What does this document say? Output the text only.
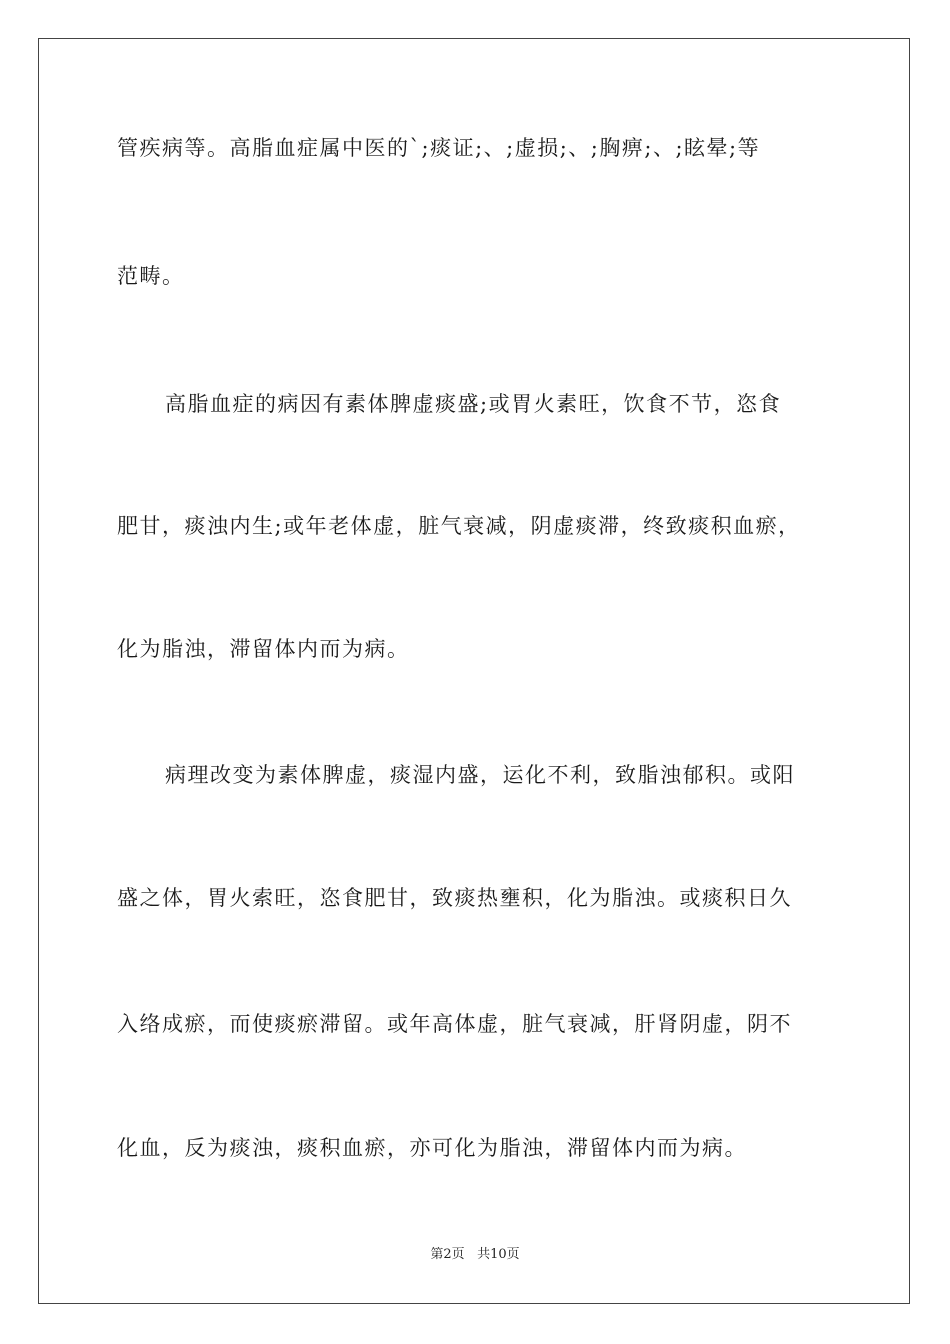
管疾病等。高脂血症属中医的`;痰证;、;虚损;、;胸痹;、;眩晕;等
范畴。
高脂血症的病因有素体脾虚痰盛;或胃火素旺，饮食不节，恣食
肥甘，痰浊内生;或年老体虚，脏气衰减，阴虚痰滞，终致痰积血瘀，
化为脂浊，滞留体内而为病。
病理改变为素体脾虚，痰湿内盛，运化不利，致脂浊郁积。或阳
盛之体，胃火索旺，恣食肥甘，致痰热壅积，化为脂浊。或痰积日久
入络成瘀，而使痰瘀滞留。或年高体虚，脏气衰减，肝肾阴虚，阴不
化血，反为痰浊，痰积血瘀，亦可化为脂浊，滞留体内而为病。
第2页 共10页
